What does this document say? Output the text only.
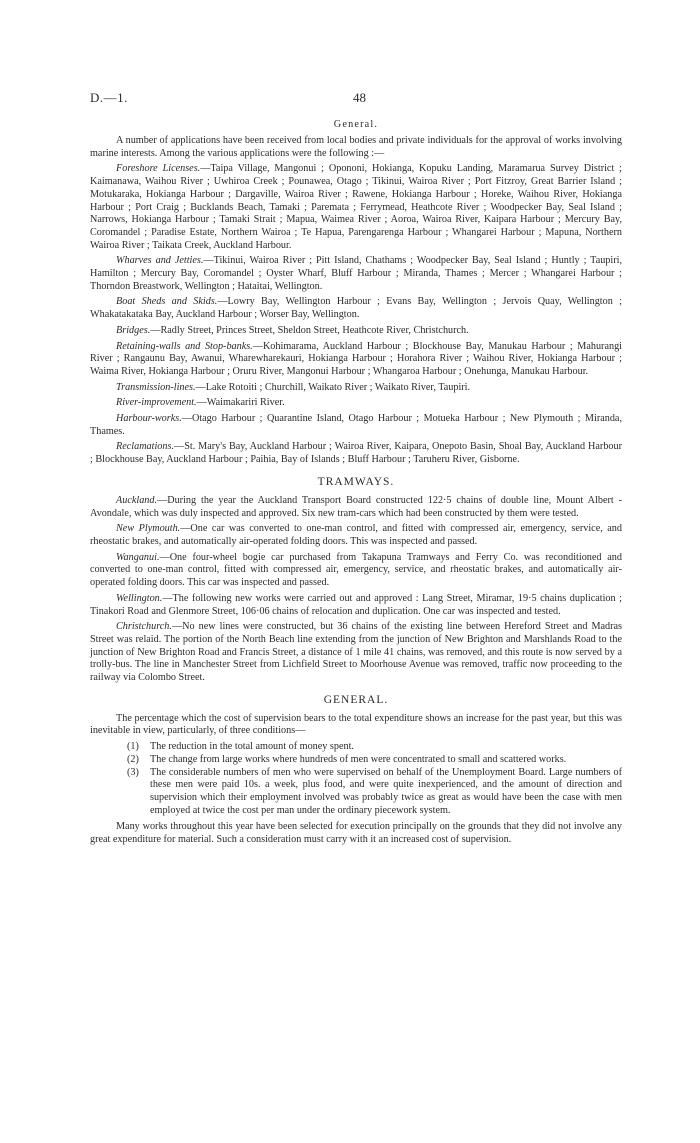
D.—1.	48
General.

A number of applications have been received from local bodies and private individuals for the approval of works involving marine interests. Among the various applications were the following :—

Foreshore Licenses.—Taipa Village, Mangonui ; Opononi, Hokianga, Kopuku Landing, Maramarua Survey District ; Kaimanawa, Waihou River ; Uwhiroa Creek ; Pounawea, Otago ; Tikinui, Wairoa River ; Port Fitzroy, Great Barrier Island ; Motukaraka, Hokianga Harbour ; Dargaville, Wairoa River ; Rawene, Hokianga Harbour ; Horeke, Waihou River, Hokianga Harbour ; Port Craig ; Bucklands Beach, Tamaki ; Paremata ; Ferrymead, Heathcote River ; Woodpecker Bay, Seal Island ; Narrows, Hokianga Harbour ; Tamaki Strait ; Mapua, Waimea River ; Aoroa, Wairoa River, Kaipara Harbour ; Mercury Bay, Coromandel ; Paradise Estate, Northern Wairoa ; Te Hapua, Parengarenga Harbour ; Whangarei Harbour ; Mapuna, Northern Wairoa River ; Taikata Creek, Auckland Harbour.

Wharves and Jetties.—Tikinui, Wairoa River ; Pitt Island, Chathams ; Woodpecker Bay, Seal Island ; Huntly ; Taupiri, Hamilton ; Mercury Bay, Coromandel ; Oyster Wharf, Bluff Harbour ; Miranda, Thames ; Mercer ; Whangarei Harbour ; Thorndon Breastwork, Wellington ; Hataitai, Wellington.

Boat Sheds and Skids.—Lowry Bay, Wellington Harbour ; Evans Bay, Wellington ; Jervois Quay, Wellington ; Whakatakataka Bay, Auckland Harbour ; Worser Bay, Wellington.

Bridges.—Radly Street, Princes Street, Sheldon Street, Heathcote River, Christchurch.

Retaining-walls and Stop-banks.—Kohimarama, Auckland Harbour ; Blockhouse Bay, Manukau Harbour ; Mahurangi River ; Rangaunu Bay, Awanui, Wharewharekauri, Hokianga Harbour ; Horahora River ; Waihou River, Hokianga Harbour ; Waima River, Hokianga Harbour ; Oruru River, Mangonui Harbour ; Whangaroa Harbour ; Onehunga, Manukau Harbour.

Transmission-lines.—Lake Rotoiti ; Churchill, Waikato River ; Waikato River, Taupiri.

River-improvement.—Waimakariri River.

Harbour-works.—Otago Harbour ; Quarantine Island, Otago Harbour ; Motueka Harbour ; New Plymouth ; Miranda, Thames.

Reclamations.—St. Mary's Bay, Auckland Harbour ; Wairoa River, Kaipara, Onepoto Basin, Shoal Bay, Auckland Harbour ; Blockhouse Bay, Auckland Harbour ; Paihia, Bay of Islands ; Bluff Harbour ; Taruheru River, Gisborne.

TRAMWAYS.

Auckland.—During the year the Auckland Transport Board constructed 122·5 chains of double line, Mount Albert - Avondale, which was duly inspected and approved. Six new tram-cars which had been constructed by them were tested.

New Plymouth.—One car was converted to one-man control, and fitted with compressed air, emergency, service, and rheostatic brakes, and automatically air-operated folding doors. This was inspected and passed.

Wanganui.—One four-wheel bogie car purchased from Takapuna Tramways and Ferry Co. was reconditioned and converted to one-man control, fitted with compressed air, emergency, service, and rheostatic brakes, and automatically air-operated folding doors. This car was inspected and passed.

Wellington.—The following new works were carried out and approved : Lang Street, Miramar, 19·5 chains duplication ; Tinakori Road and Glenmore Street, 106·06 chains of relocation and duplication. One car was inspected and tested.

Christchurch.—No new lines were constructed, but 36 chains of the existing line between Hereford Street and Madras Street was relaid. The portion of the North Beach line extending from the junction of New Brighton and Marshlands Road to the junction of New Brighton Road and Francis Street, a distance of 1 mile 41 chains, was removed, and this route is now served by a trolly-bus. The line in Manchester Street from Lichfield Street to Moorhouse Avenue was removed, traffic now proceeding to the railway via Colombo Street.

GENERAL.

The percentage which the cost of supervision bears to the total expenditure shows an increase for the past year, but this was inevitable in view, particularly, of three conditions—

(1) The reduction in the total amount of money spent.
(2) The change from large works where hundreds of men were concentrated to small and scattered works.
(3) The considerable numbers of men who were supervised on behalf of the Unemployment Board. Large numbers of these men were paid 10s. a week, plus food, and were quite inexperienced, and the amount of direction and supervision which their employment involved was probably twice as great as would have been the case with men employed at twice the cost per man under the ordinary piecework system.

Many works throughout this year have been selected for execution principally on the grounds that they did not involve any great expenditure for material. Such a consideration must carry with it an increased cost of supervision.
